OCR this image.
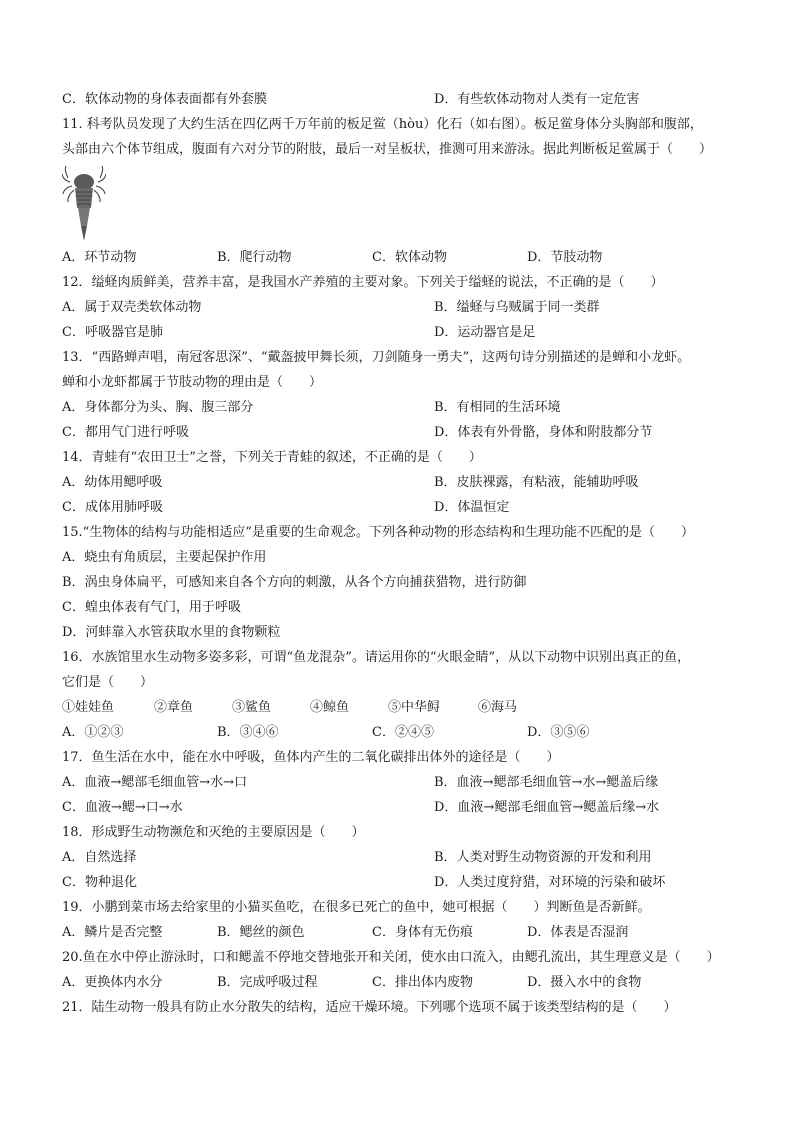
C．软体动物的身体表面都有外套膜	D．有些软体动物对人类有一定危害
11. 科考队员发现了大约生活在四亿两千万年前的板足鲎（hòu）化石（如右图）。板足鲎身体分头胸部和腹部，
头部由六个体节组成，腹面有六对分节的附肢，最后一对呈板状，推测可用来游泳。据此判断板足鲎属于（　　）
A．环节动物	B．爬行动物	C．软体动物	D．节肢动物
12．缢蛏肉质鲜美，营养丰富，是我国水产养殖的主要对象。下列关于缢蛏的说法，不正确的是（　　）
A．属于双壳类软体动物	B．缢蛏与乌贼属于同一类群
C．呼吸器官是肺	D．运动器官是足
13．“西路蝉声唱，南冠客思深”、“戴盔披甲舞长须，刀剑随身一勇夫”，这两句诗分别描述的是蝉和小龙虾。
蝉和小龙虾都属于节肢动物的理由是（　　）
A．身体都分为头、胸、腹三部分	B．有相同的生活环境
C．都用气门进行呼吸	D．体表有外骨骼，身体和附肢都分节
14．青蛙有“农田卫士”之誉，下列关于青蛙的叙述，不正确的是（　　）
A．幼体用鳃呼吸	B．皮肤裸露，有粘液，能辅助呼吸
C．成体用肺呼吸	D．体温恒定
15.“生物体的结构与功能相适应”是重要的生命观念。下列各种动物的形态结构和生理功能不匹配的是（　　）
A．蛲虫有角质层，主要起保护作用
B．涡虫身体扁平，可感知来自各个方向的刺激，从各个方向捕获猎物，进行防御
C．蝗虫体表有气门，用于呼吸
D．河蚌靠入水管获取水里的食物颗粒
16．水族馆里水生动物多姿多彩，可谓“鱼龙混杂”。请运用你的“火眼金睛”，从以下动物中识别出真正的鱼，
它们是（　　）
①娃娃鱼	②章鱼	③鲨鱼	④鲸鱼	⑤中华鲟	⑥海马
A．①②③	B．③④⑥	C．②④⑤	D．③⑤⑥
17．鱼生活在水中，能在水中呼吸，鱼体内产生的二氧化碳排出体外的途径是（　　）
A．血液→鳃部毛细血管→水→口	B．血液→鳃部毛细血管→水→鳃盖后缘
C．血液→鳃→口→水	D．血液→鳃部毛细血管→鳃盖后缘→水
18．形成野生动物濒危和灭绝的主要原因是（　　）
A．自然选择	B．人类对野生动物资源的开发和利用
C．物种退化	D．人类过度狩猎，对环境的污染和破坏
19．小鹏到菜市场去给家里的小猫买鱼吃，在很多已死亡的鱼中，她可根据（　　）判断鱼是否新鲜。
A．鳞片是否完整	B．鳃丝的颜色	C．身体有无伤痕	D．体表是否湿润
20.鱼在水中停止游泳时，口和鳃盖不停地交替地张开和关闭，使水由口流入，由鳃孔流出，其生理意义是（　　）
A．更换体内水分	B．完成呼吸过程	C．排出体内废物	D．摄入水中的食物
21．陆生动物一般具有防止水分散失的结构，适应干燥环境。下列哪个选项不属于该类型结构的是（　　）
